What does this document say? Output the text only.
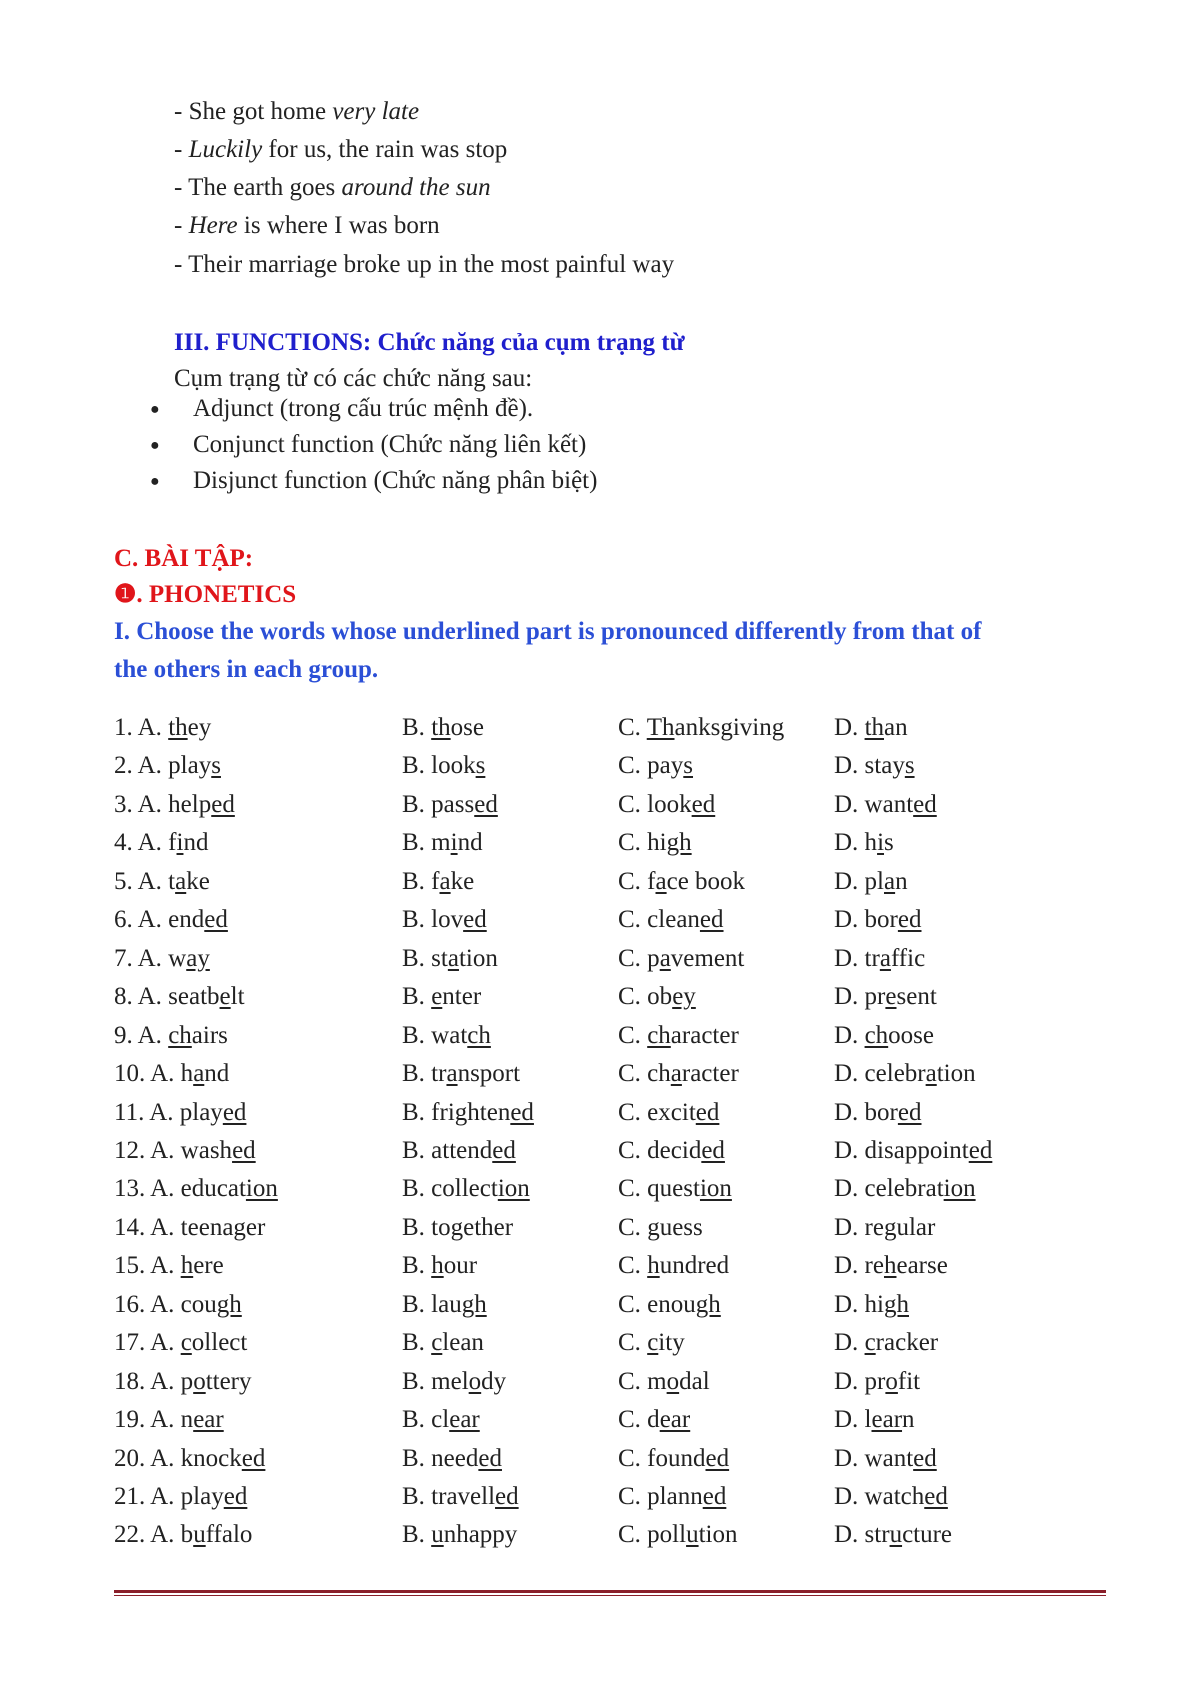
- She got home very late
- Luckily for us, the rain was stop
- The earth goes around the sun
- Here is where I was born
- Their marriage broke up in the most painful way
III. FUNCTIONS: Chức năng của cụm trạng từ
Cụm trạng từ có các chức năng sau:
● Adjunct (trong cấu trúc mệnh đề).
● Conjunct function (Chức năng liên kết)
● Disjunct function (Chức năng phân biệt)
C. BÀI TẬP:
❶. PHONETICS
I. Choose the words whose underlined part is pronounced differently from that of
the others in each group.
1. A. they	B. those	C. Thanksgiving D. than
2. A. plays	B. looks	C. pays	D. stays
3. A. helped	B. passed	C. looked	D. wanted
4. A. find	B. mind	C. high	D. his
5. A. take	B. fake	C. face book	D. plan
6. A. ended	B. loved	C. cleaned	D. bored
7. A. way	B. station	C. pavement	D. traffic
8. A. seatbelt	B. enter	C. obey	D. present
9. A. chairs	B. watch	C. character	D. choose
10. A. hand	B. transport	C. character	D. celebration
11. A. played	B. frightened	C. excited	D. bored
12. A. washed	B. attended	C. decided	D. disappointed
13. A. education	B. collection	C. question	D. celebration
14. A. teenager	B. together	C. guess	D. regular
15. A. here	B. hour	C. hundred	D. rehearse
16. A. cough	B. laugh	C. enough	D. high
17. A. collect	B. clean	C. city	D. cracker
18. A. pottery	B. melody	C. modal	D. profit
19. A. near	B. clear	C. dear	D. learn
20. A. knocked	B. needed	C. founded	D. wanted
21. A. played	B. travelled	C. planned	D. watched
22. A. buffalo	B. unhappy	C. pollution	D. structure
